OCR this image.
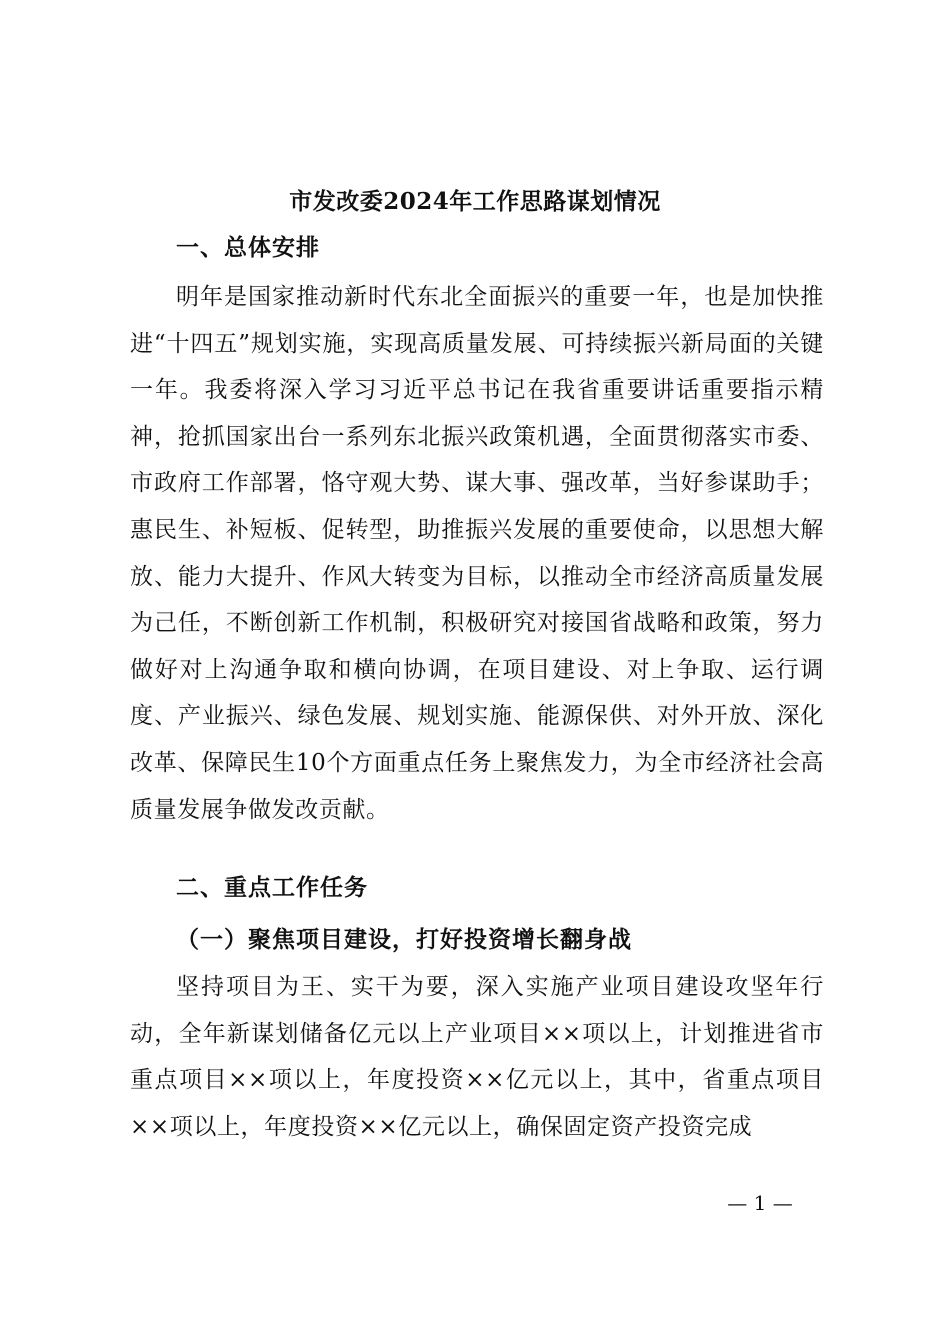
市发改委2024年工作思路谋划情况
一、总体安排

明年是国家推动新时代东北全面振兴的重要一年，也是加快推进“十四五”规划实施，实现高质量发展、可持续振兴新局面的关键一年。我委将深入学习习近平总书记在我省重要讲话重要指示精神，抢抓国家出台一系列东北振兴政策机遇，全面贯彻落实市委、市政府工作部署，恪守观大势、谋大事、强改革，当好参谋助手；惠民生、补短板、促转型，助推振兴发展的重要使命，以思想大解放、能力大提升、作风大转变为目标，以推动全市经济高质量发展为己任，不断创新工作机制，积极研究对接国省战略和政策，努力做好对上沟通争取和横向协调，在项目建设、对上争取、运行调度、产业振兴、绿色发展、规划实施、能源保供、对外开放、深化改革、保障民生10个方面重点任务上聚焦发力，为全市经济社会高质量发展争做发改贡献。

二、重点工作任务
（一）聚焦项目建设，打好投资增长翻身战

坚持项目为王、实干为要，深入实施产业项目建设攻坚年行动，全年新谋划储备亿元以上产业项目××项以上，计划推进省市重点项目××项以上，年度投资××亿元以上，其中，省重点项目××项以上，年度投资××亿元以上，确保固定资产投资完成

— 1 —
